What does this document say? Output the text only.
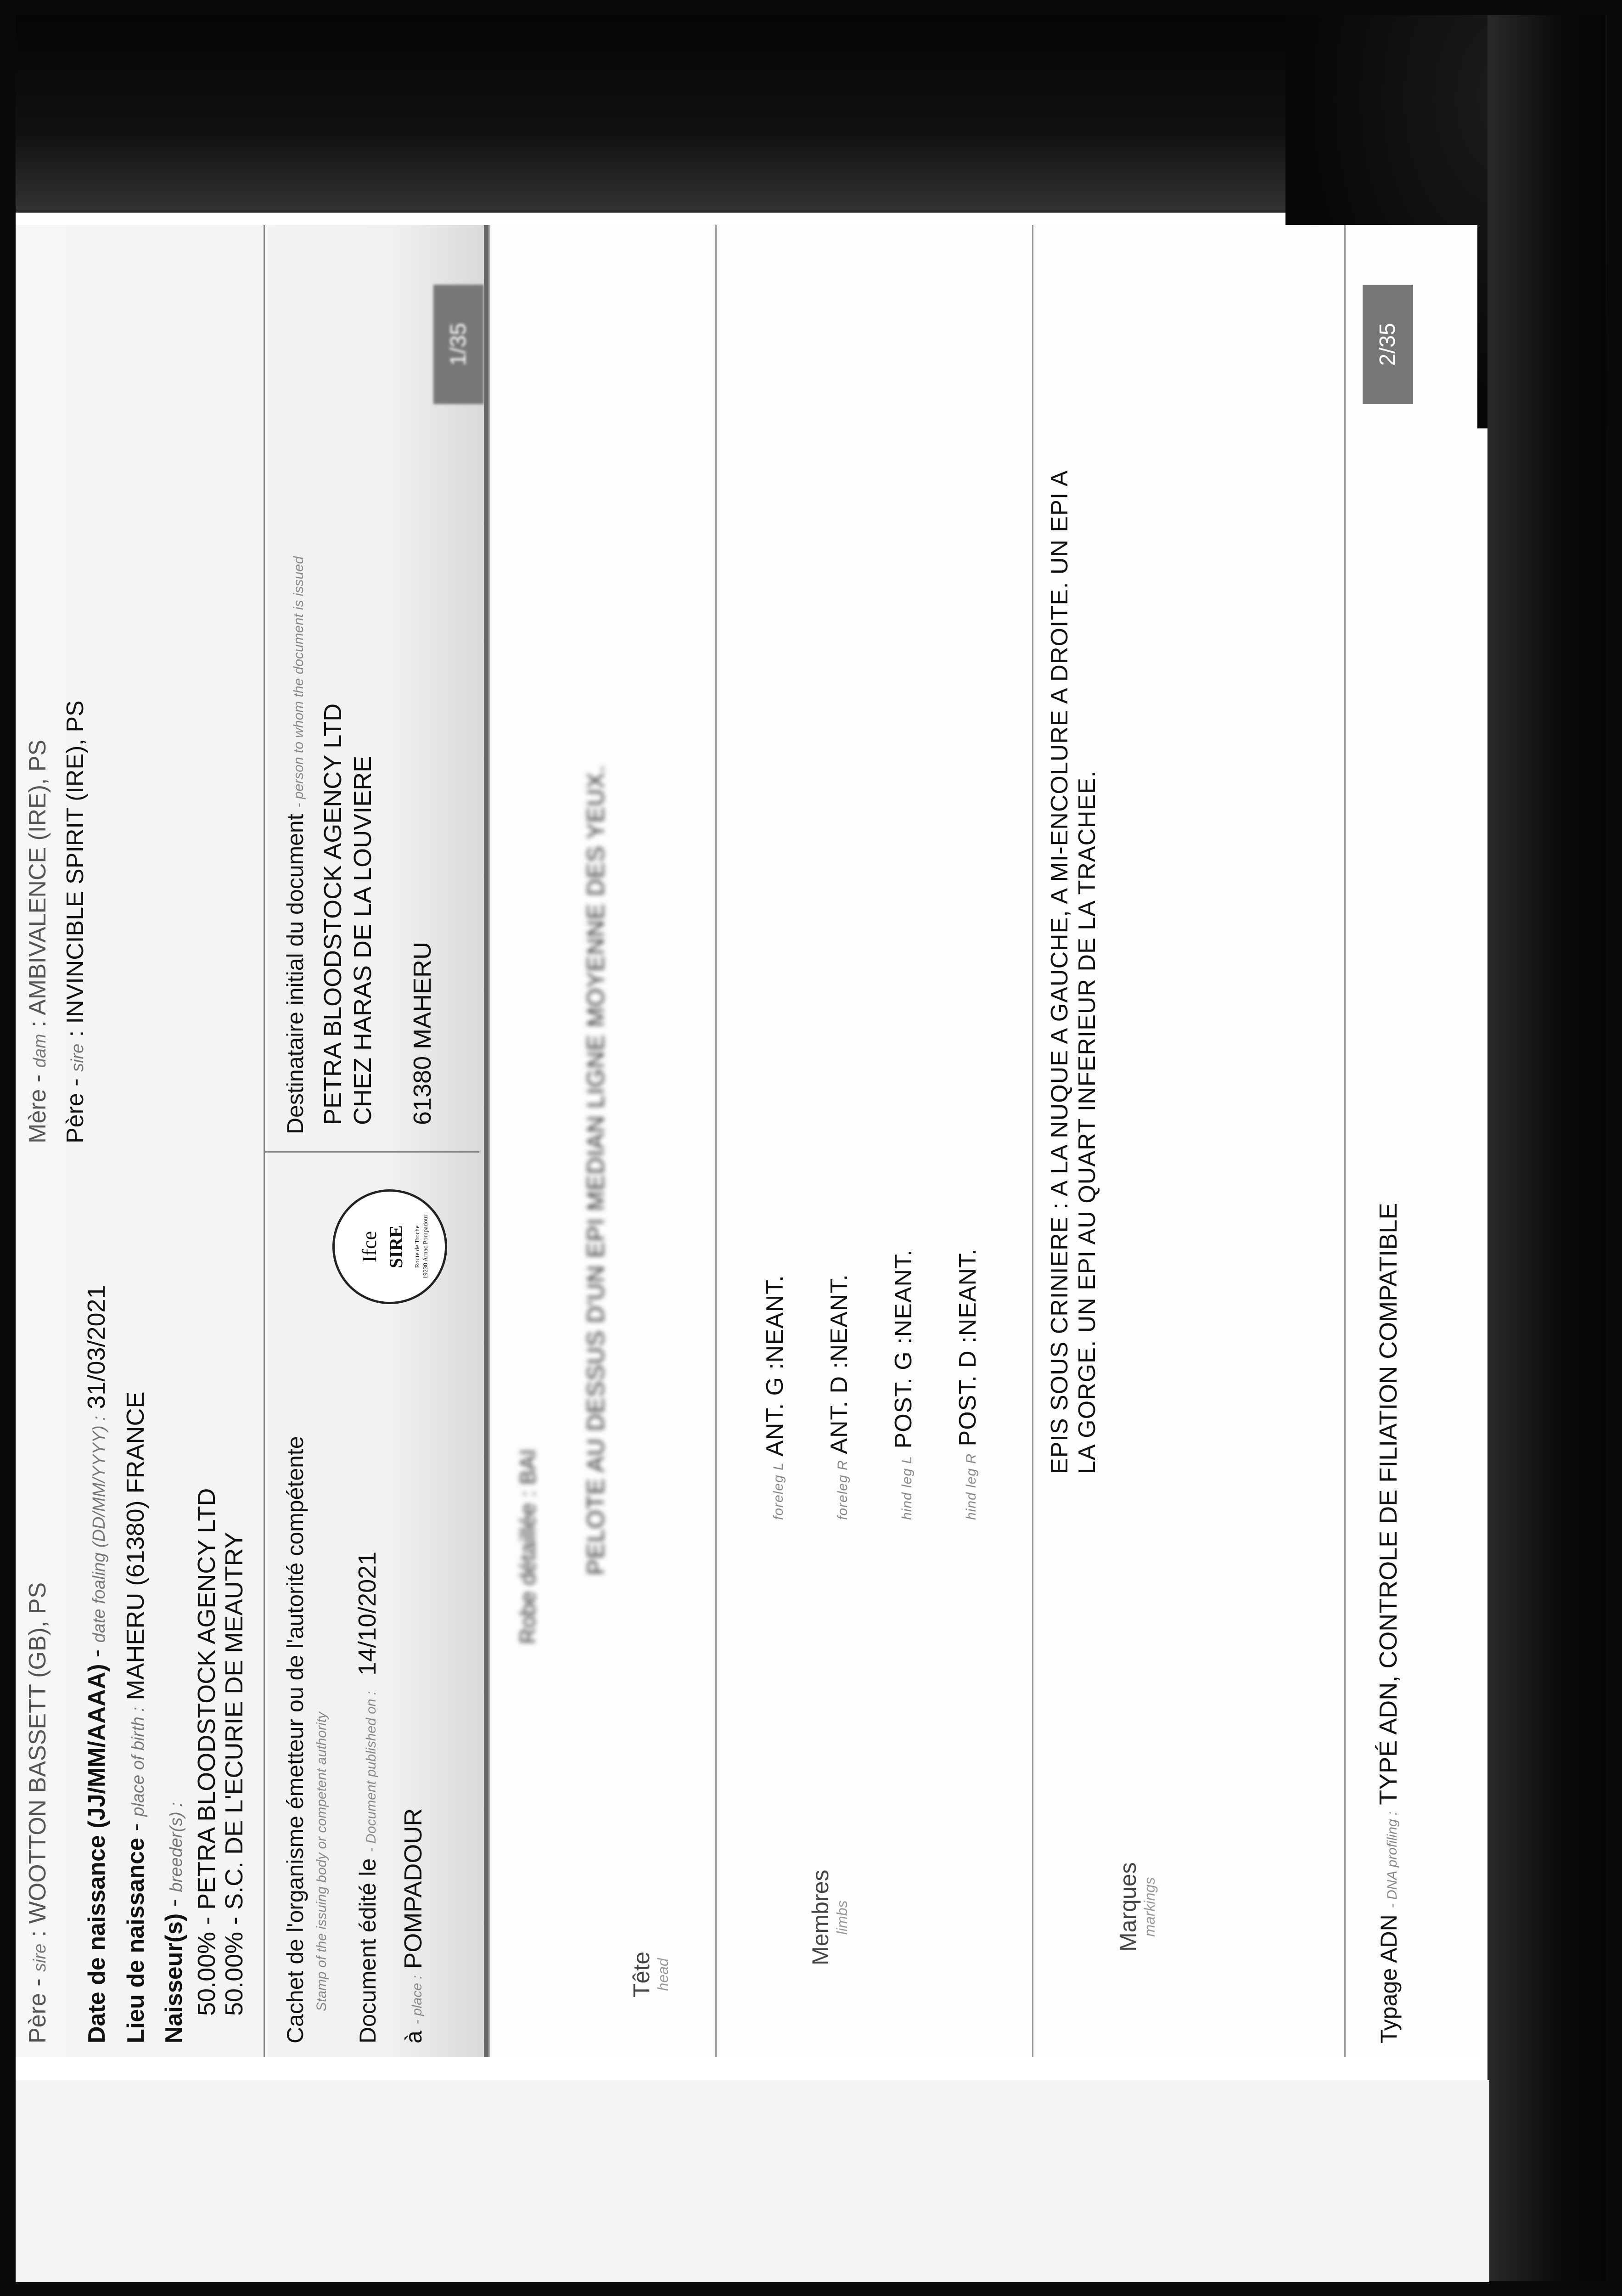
Père - sire : WOOTTON BASSETT (GB), PS
Mère - dam : AMBIVALENCE (IRE), PS
Père - sire : INVINCIBLE SPIRIT (IRE), PS
Date de naissance (JJ/MM/AAAA) - date foaling (DD/MM/YYYY) : 31/03/2021
Lieu de naissance - place of birth : MAHERU (61380) FRANCE
Naisseur(s) - breeder(s) : 50.00% - PETRA BLOODSTOCK AGENCY LTD 50.00% - S.C. DE L'ECURIE DE MEAUTRY Cachet de l'organisme émetteur ou de l'autorité compétente Stamp of the issuing body or competent authority Document édité le - Document published on : 14/10/2021
à - place : POMPADOUR
Ifce SIRE Route de Troche 19230 Arnac Pompadour
Destinataire initial du document - person to whom the document is issued
PETRA BLOODSTOCK AGENCY LTD CHEZ HARAS DE LA LOUVIERE 61380 MAHERU
1/35
Robe détaillée : BAI PELOTE AU DESSUS D'UN EPI MEDIAN LIGNE MOYENNE DES YEUX.
Tête head
Membres limbs
foreleg L ANT. G :NEANT.
foreleg R ANT. D :NEANT.
hind leg L POST. G :NEANT.
hind leg R POST. D :NEANT.
Marques markings
EPIS SOUS CRINIERE : A LA NUQUE A GAUCHE, A MI-ENCOLURE A DROITE. UN EPI A LA GORGE. UN EPI AU QUART INFERIEUR DE LA TRACHEE.
Typage ADN - DNA profiling : TYPÉ ADN, CONTROLE DE FILIATION COMPATIBLE
2/35
